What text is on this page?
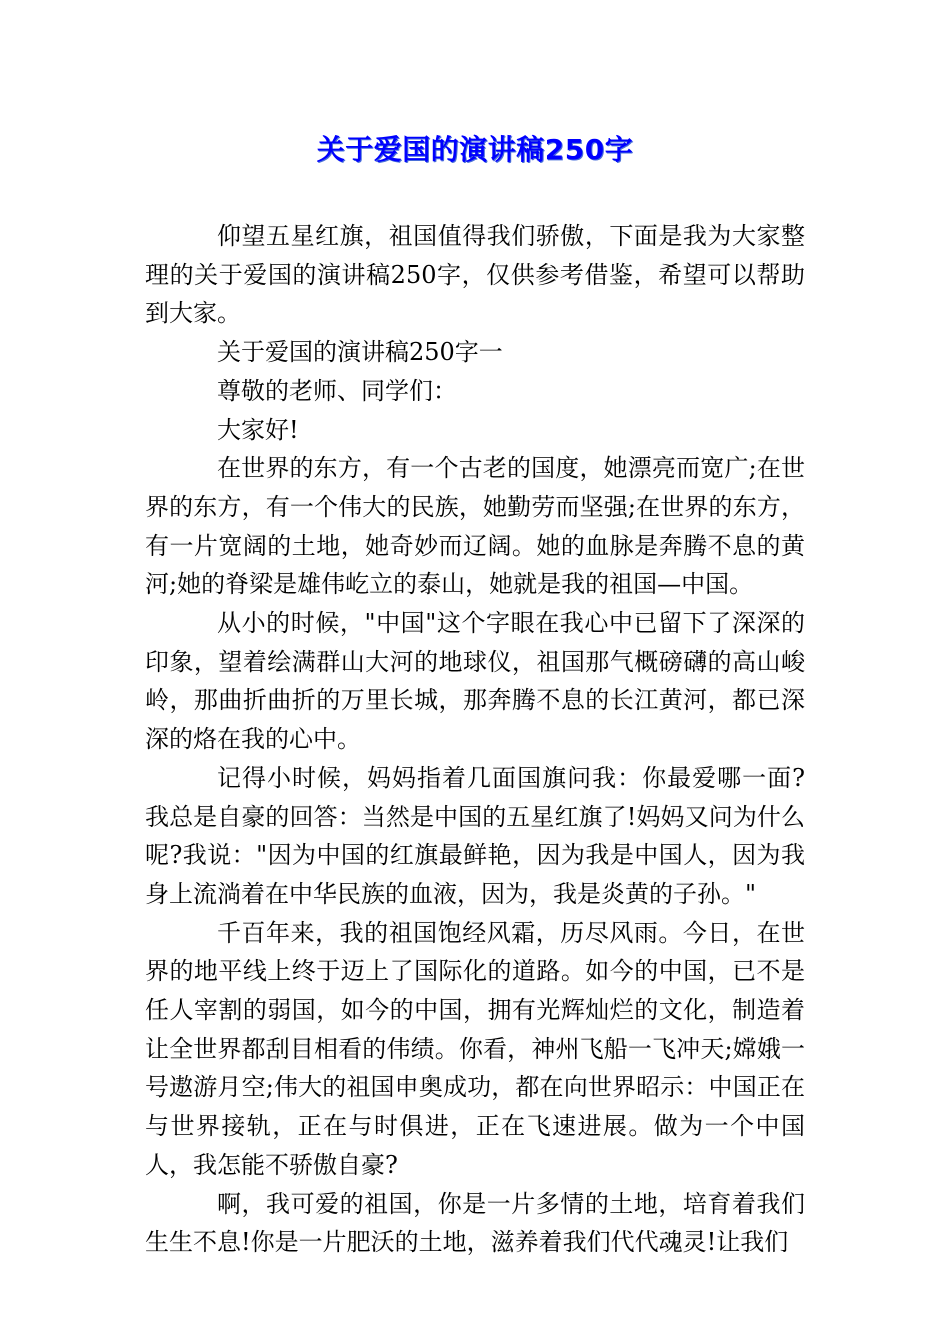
关于爱国的演讲稿250字

仰望五星红旗，祖国值得我们骄傲，下面是我为大家整理的关于爱国的演讲稿250字，仅供参考借鉴，希望可以帮助到大家。

关于爱国的演讲稿250字一

尊敬的老师、同学们：

大家好!

在世界的东方，有一个古老的国度，她漂亮而宽广;在世界的东方，有一个伟大的民族，她勤劳而坚强;在世界的东方，有一片宽阔的土地，她奇妙而辽阔。她的血脉是奔腾不息的黄河;她的脊梁是雄伟屹立的泰山，她就是我的祖国—中国。

从小的时候，"中国"这个字眼在我心中已留下了深深的印象，望着绘满群山大河的地球仪，祖国那气概磅礴的高山峻岭，那曲折曲折的万里长城，那奔腾不息的长江黄河，都已深深的烙在我的心中。

记得小时候，妈妈指着几面国旗问我：你最爱哪一面?我总是自豪的回答：当然是中国的五星红旗了!妈妈又问为什么呢?我说："因为中国的红旗最鲜艳，因为我是中国人，因为我身上流淌着在中华民族的血液，因为，我是炎黄的子孙。"

千百年来，我的祖国饱经风霜，历尽风雨。今日，在世界的地平线上终于迈上了国际化的道路。如今的中国，已不是任人宰割的弱国，如今的中国，拥有光辉灿烂的文化，制造着让全世界都刮目相看的伟绩。你看，神州飞船一飞冲天;嫦娥一号遨游月空;伟大的祖国申奥成功，都在向世界昭示：中国正在与世界接轨，正在与时俱进，正在飞速进展。做为一个中国人，我怎能不骄傲自豪?

啊，我可爱的祖国，你是一片多情的土地，培育着我们生生不息!你是一片肥沃的土地，滋养着我们代代魂灵!让我们
